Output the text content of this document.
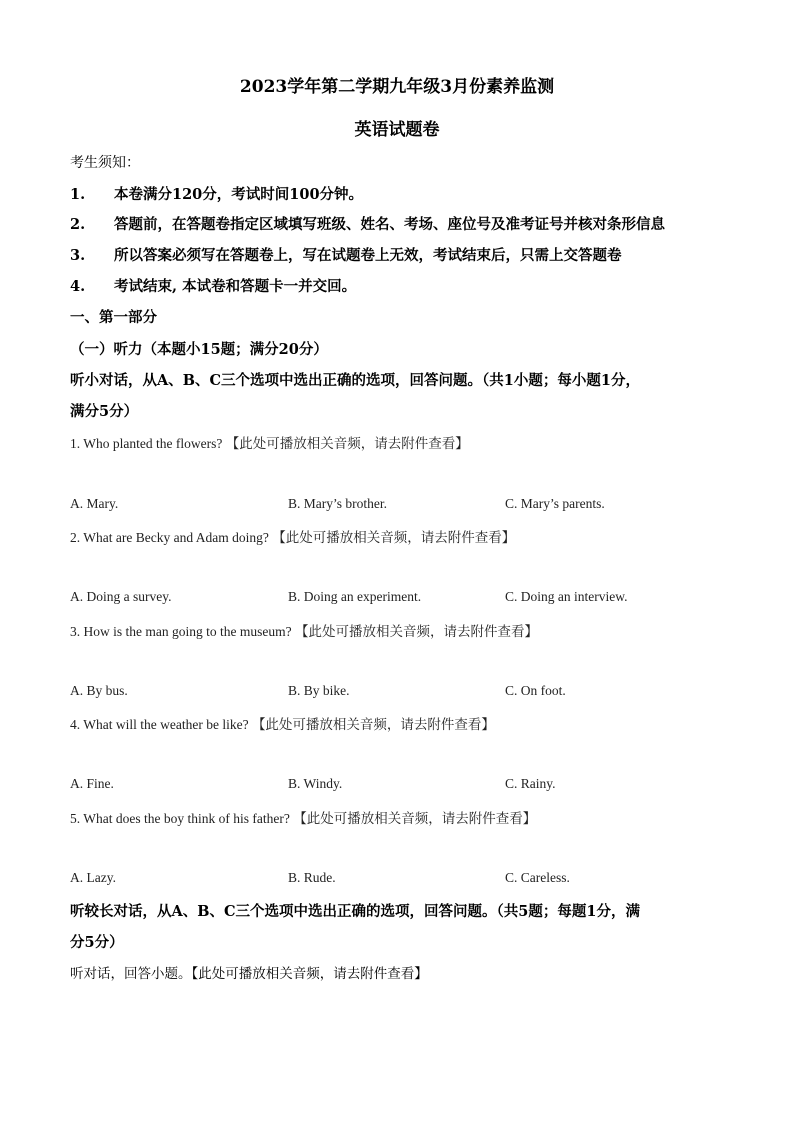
2023学年第二学期九年级3月份素养监测
英语试题卷
考生须知：
1. 本卷满分120分，考试时间100分钟。
2. 答题前，在答题卷指定区域填写班级、姓名、考场、座位号及准考证号并核对条形信息
3. 所以答案必须写在答题卷上，写在试题卷上无效，考试结束后，只需上交答题卷
4. 考试结束, 本试卷和答题卡一并交回。
一、第一部分
（一）听力（本题小15题；满分20分）
听小对话，从A、B、C三个选项中选出正确的选项，回答问题。（共1小题；每小题1分，
满分5分）
1. Who planted the flowers? 【此处可播放相关音频，请去附件查看】
A. Mary.	B. Mary’s brother.	C. Mary’s parents.
2. What are Becky and Adam doing? 【此处可播放相关音频，请去附件查看】
A. Doing a survey.	B. Doing an experiment.	C. Doing an interview.
3. How is the man going to the museum? 【此处可播放相关音频，请去附件查看】
A. By bus.	B. By bike.	C. On foot.
4. What will the weather be like? 【此处可播放相关音频，请去附件查看】
A. Fine.	B. Windy.	C. Rainy.
5. What does the boy think of his father? 【此处可播放相关音频，请去附件查看】
A. Lazy.	B. Rude.	C. Careless.
听较长对话，从A、B、C三个选项中选出正确的选项，回答问题。（共5题；每题1分，满
分5分）
听对话，回答小题。【此处可播放相关音频，请去附件查看】
